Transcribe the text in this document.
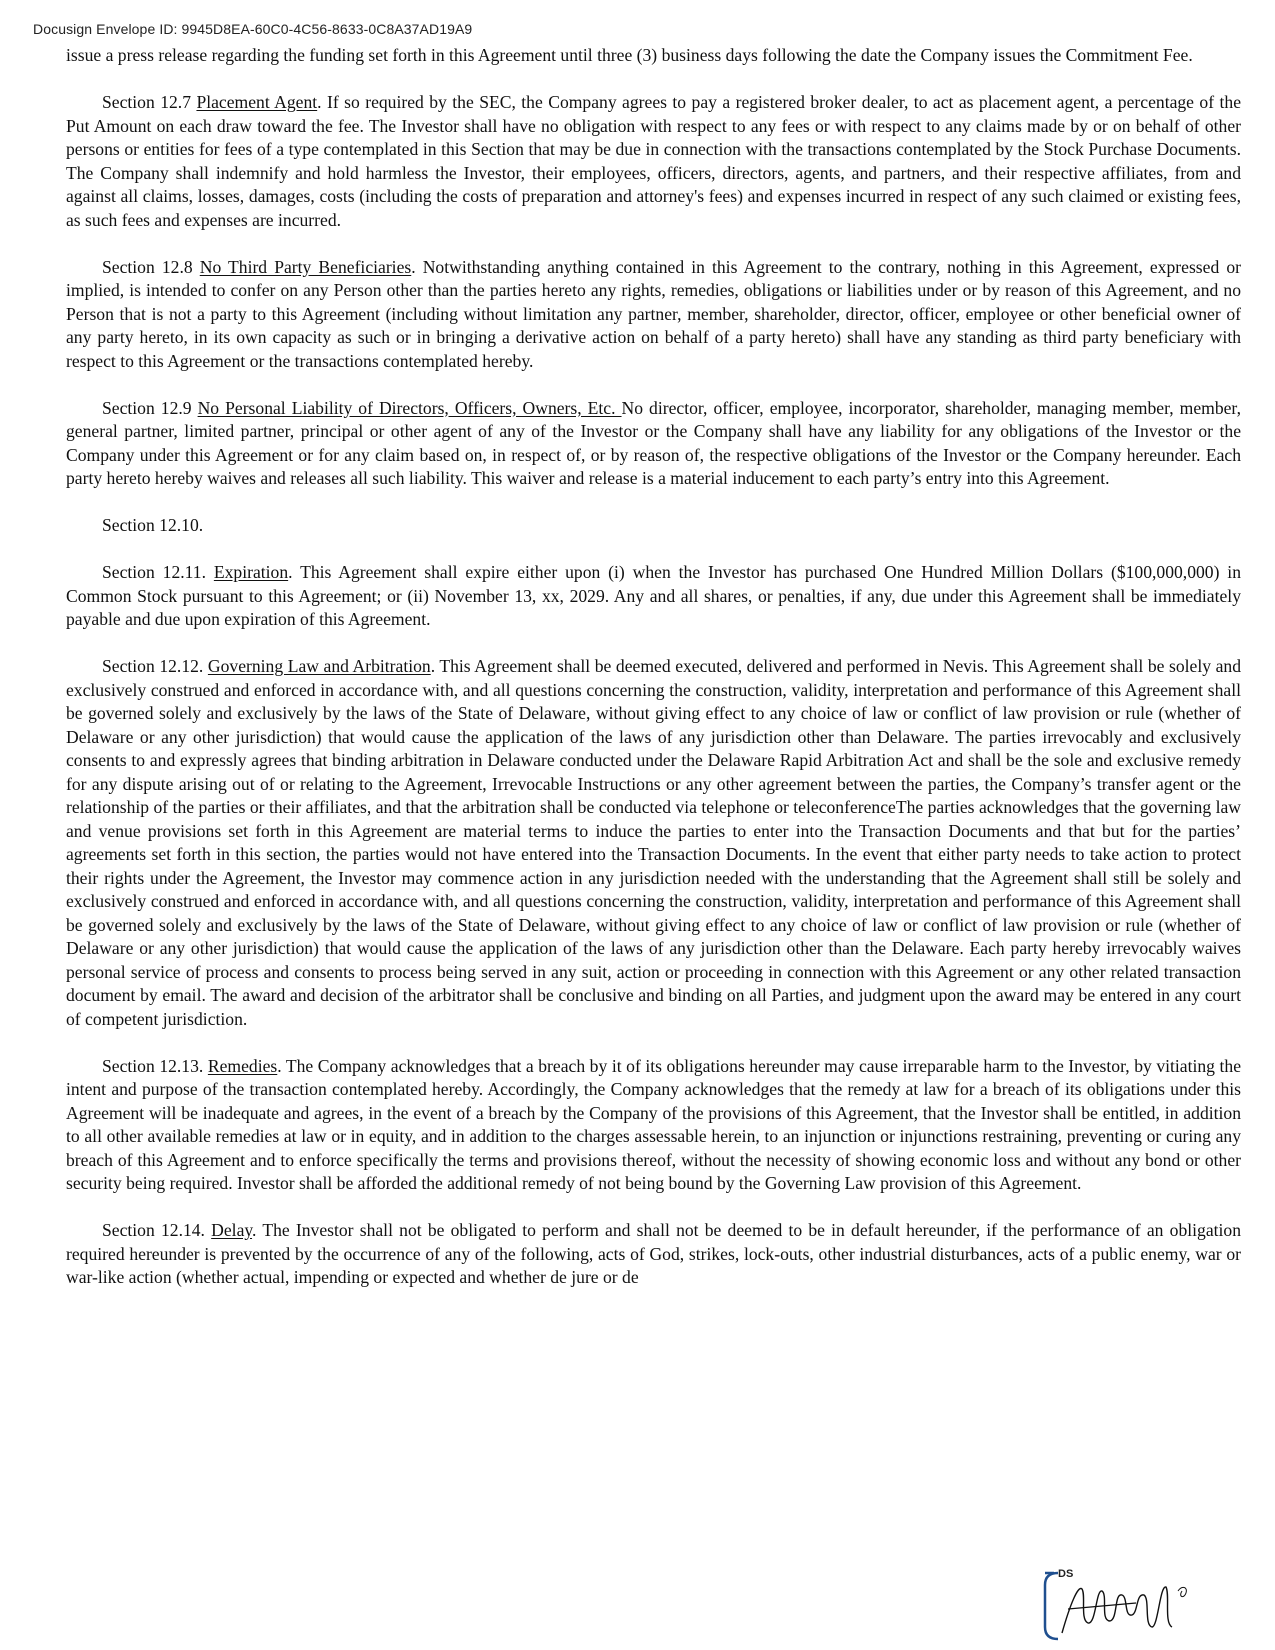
Docusign Envelope ID: 9945D8EA-60C0-4C56-8633-0C8A37AD19A9

issue a press release regarding the funding set forth in this Agreement until three (3) business days following the date the Company issues the Commitment Fee.

Section 12.7 Placement Agent. If so required by the SEC, the Company agrees to pay a registered broker dealer, to act as placement agent, a percentage of the Put Amount on each draw toward the fee. The Investor shall have no obligation with respect to any fees or with respect to any claims made by or on behalf of other persons or entities for fees of a type contemplated in this Section that may be due in connection with the transactions contemplated by the Stock Purchase Documents. The Company shall indemnify and hold harmless the Investor, their employees, officers, directors, agents, and partners, and their respective affiliates, from and against all claims, losses, damages, costs (including the costs of preparation and attorney's fees) and expenses incurred in respect of any such claimed or existing fees, as such fees and expenses are incurred.

Section 12.8 No Third Party Beneficiaries. Notwithstanding anything contained in this Agreement to the contrary, nothing in this Agreement, expressed or implied, is intended to confer on any Person other than the parties hereto any rights, remedies, obligations or liabilities under or by reason of this Agreement, and no Person that is not a party to this Agreement (including without limitation any partner, member, shareholder, director, officer, employee or other beneficial owner of any party hereto, in its own capacity as such or in bringing a derivative action on behalf of a party hereto) shall have any standing as third party beneficiary with respect to this Agreement or the transactions contemplated hereby.

Section 12.9 No Personal Liability of Directors, Officers, Owners, Etc. No director, officer, employee, incorporator, shareholder, managing member, member, general partner, limited partner, principal or other agent of any of the Investor or the Company shall have any liability for any obligations of the Investor or the Company under this Agreement or for any claim based on, in respect of, or by reason of, the respective obligations of the Investor or the Company hereunder. Each party hereto hereby waives and releases all such liability. This waiver and release is a material inducement to each party’s entry into this Agreement.

Section 12.10.

Section 12.11. Expiration. This Agreement shall expire either upon (i) when the Investor has purchased One Hundred Million Dollars ($100,000,000) in Common Stock pursuant to this Agreement; or (ii) November 13, xx, 2029. Any and all shares, or penalties, if any, due under this Agreement shall be immediately payable and due upon expiration of this Agreement.

Section 12.12. Governing Law and Arbitration. This Agreement shall be deemed executed, delivered and performed in Nevis. This Agreement shall be solely and exclusively construed and enforced in accordance with, and all questions concerning the construction, validity, interpretation and performance of this Agreement shall be governed solely and exclusively by the laws of the State of Delaware, without giving effect to any choice of law or conflict of law provision or rule (whether of Delaware or any other jurisdiction) that would cause the application of the laws of any jurisdiction other than Delaware. The parties irrevocably and exclusively consents to and expressly agrees that binding arbitration in Delaware conducted under the Delaware Rapid Arbitration Act and shall be the sole and exclusive remedy for any dispute arising out of or relating to the Agreement, Irrevocable Instructions or any other agreement between the parties, the Company’s transfer agent or the relationship of the parties or their affiliates, and that the arbitration shall be conducted via telephone or teleconferenceThe parties acknowledges that the governing law and venue provisions set forth in this Agreement are material terms to induce the parties to enter into the Transaction Documents and that but for the parties’ agreements set forth in this section, the parties would not have entered into the Transaction Documents. In the event that either party needs to take action to protect their rights under the Agreement, the Investor may commence action in any jurisdiction needed with the understanding that the Agreement shall still be solely and exclusively construed and enforced in accordance with, and all questions concerning the construction, validity, interpretation and performance of this Agreement shall be governed solely and exclusively by the laws of the State of Delaware, without giving effect to any choice of law or conflict of law provision or rule (whether of Delaware or any other jurisdiction) that would cause the application of the laws of any jurisdiction other than the Delaware. Each party hereby irrevocably waives personal service of process and consents to process being served in any suit, action or proceeding in connection with this Agreement or any other related transaction document by email. The award and decision of the arbitrator shall be conclusive and binding on all Parties, and judgment upon the award may be entered in any court of competent jurisdiction.

Section 12.13. Remedies. The Company acknowledges that a breach by it of its obligations hereunder may cause irreparable harm to the Investor, by vitiating the intent and purpose of the transaction contemplated hereby. Accordingly, the Company acknowledges that the remedy at law for a breach of its obligations under this Agreement will be inadequate and agrees, in the event of a breach by the Company of the provisions of this Agreement, that the Investor shall be entitled, in addition to all other available remedies at law or in equity, and in addition to the charges assessable herein, to an injunction or injunctions restraining, preventing or curing any breach of this Agreement and to enforce specifically the terms and provisions thereof, without the necessity of showing economic loss and without any bond or other security being required. Investor shall be afforded the additional remedy of not being bound by the Governing Law provision of this Agreement.

Section 12.14. Delay. The Investor shall not be obligated to perform and shall not be deemed to be in default hereunder, if the performance of an obligation required hereunder is prevented by the occurrence of any of the following, acts of God, strikes, lock-outs, other industrial disturbances, acts of a public enemy, war or war-like action (whether actual, impending or expected and whether de jure or de

DS
